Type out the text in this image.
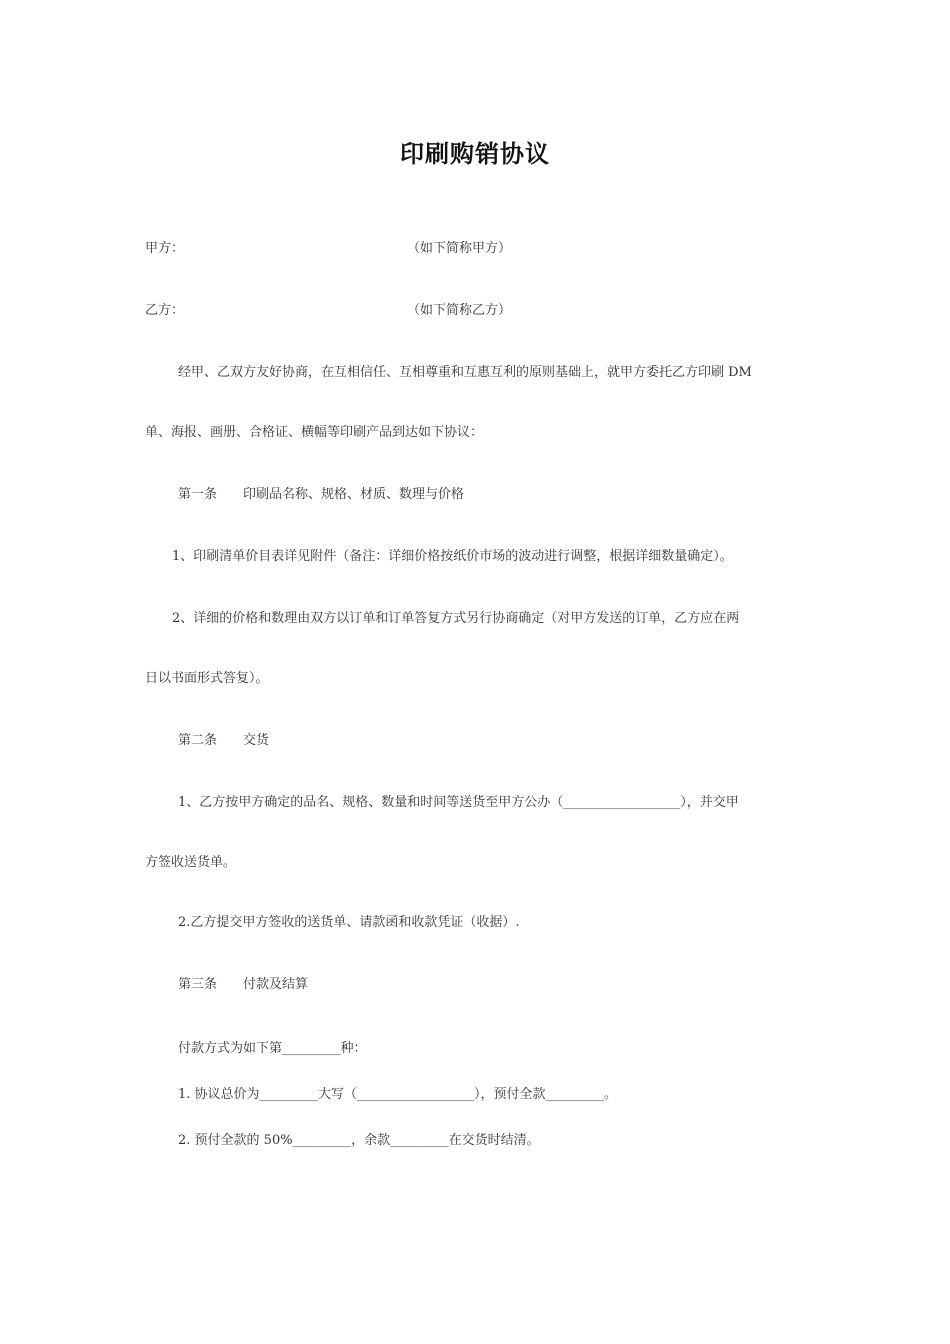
印刷购销协议
甲方：	（如下简称甲方）
乙方：	（如下简称乙方）
经甲、乙双方友好协商，在互相信任、互相尊重和互惠互利的原则基础上，就甲方委托乙方印刷 DM
单、海报、画册、合格证、横幅等印刷产品到达如下协议：
第一条 印刷品名称、规格、材质、数理与价格
1、印刷清单价目表详见附件（备注：详细价格按纸价市场的波动进行调整，根据详细数量确定）。
2、详细的价格和数理由双方以订单和订单答复方式另行协商确定（对甲方发送的订单，乙方应在两
日以书面形式答复）。
第二条 交货
1、乙方按甲方确定的品名、规格、数量和时间等送货至甲方公办（__________________），并交甲
方签收送货单。
2.乙方提交甲方签收的送货单、请款函和收款凭证（收据）.
第三条 付款及结算
付款方式为如下第_________种：
1. 协议总价为_________大写（__________________），预付全款_________。
2. 预付全款的 50%_________，余款_________在交货时结清。
